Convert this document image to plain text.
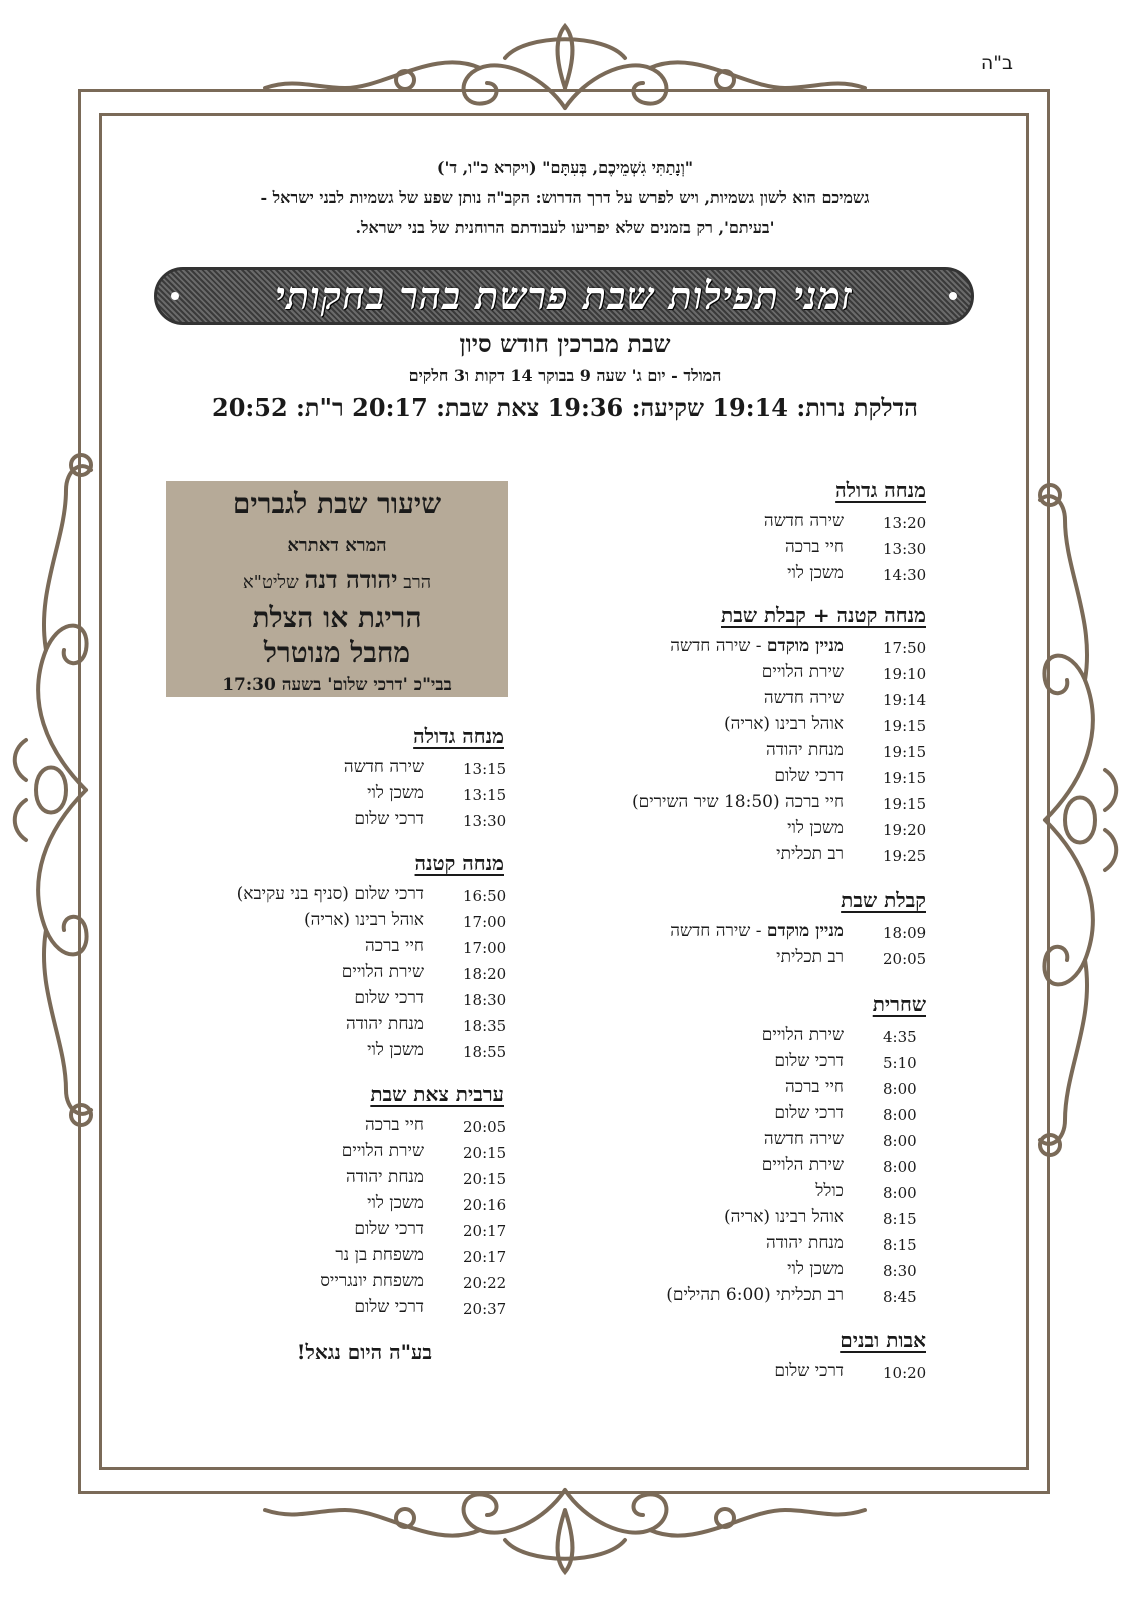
ב"ה
"וְנָתַתִּי גִשְׁמֵיכֶם, בְּעִתָּם" (ויקרא כ"ו, ד')
גשמיכם הוא לשון גשמיות, ויש לפרש על דרך הדרוש: הקב"ה נותן שפע של גשמיות לבני ישראל -
'בעיתם', רק בזמנים שלא יפריעו לעבודתם הרוחנית של בני ישראל.
זמני תפילות שבת פרשת בהר בחקותי
שבת מברכין חודש סיון
המולד - יום ג' שעה 9 בבוקר 14 דקות ו3 חלקים
הדלקת נרות: 19:14 שקיעה: 19:36 צאת שבת: 20:17 ר"ת: 20:52
מנחה גדולה
13:20
שירה חדשה
13:30
חיי ברכה
14:30
משכן לוי
מנחה קטנה + קבלת שבת
17:50
מניין מוקדם - שירה חדשה
19:10
שירת הלויים
19:14
שירה חדשה
19:15
אוהל רבינו (אריה)
19:15
מנחת יהודה
19:15
דרכי שלום
19:15
חיי ברכה (18:50 שיר השירים)
19:20
משכן לוי
19:25
רב תכליתי
קבלת שבת
18:09
מניין מוקדם - שירה חדשה
20:05
רב תכליתי
שחרית
4:35
שירת הלויים
5:10
דרכי שלום
8:00
חיי ברכה
8:00
דרכי שלום
8:00
שירה חדשה
8:00
שירת הלויים
8:00
כולל
8:15
אוהל רבינו (אריה)
8:15
מנחת יהודה
8:30
משכן לוי
8:45
רב תכליתי (6:00 תהילים)
אבות ובנים
10:20
דרכי שלום
שיעור שבת לגברים
המרא דאתרא
הרב יהודה דנה שליט"א
הריגת או הצלת
מחבל מנוטרל
בבי"כ 'דרכי שלום' בשעה 17:30
מנחה גדולה
13:15
שירה חדשה
13:15
משכן לוי
13:30
דרכי שלום
מנחה קטנה
16:50
דרכי שלום (סניף בני עקיבא)
17:00
אוהל רבינו (אריה)
17:00
חיי ברכה
18:20
שירת הלויים
18:30
דרכי שלום
18:35
מנחת יהודה
18:55
משכן לוי
ערבית צאת שבת
20:05
חיי ברכה
20:15
שירת הלויים
20:15
מנחת יהודה
20:16
משכן לוי
20:17
דרכי שלום
20:17
משפחת בן נר
20:22
משפחת יונגרייס
20:37
דרכי שלום
בע"ה היום נגאל!
